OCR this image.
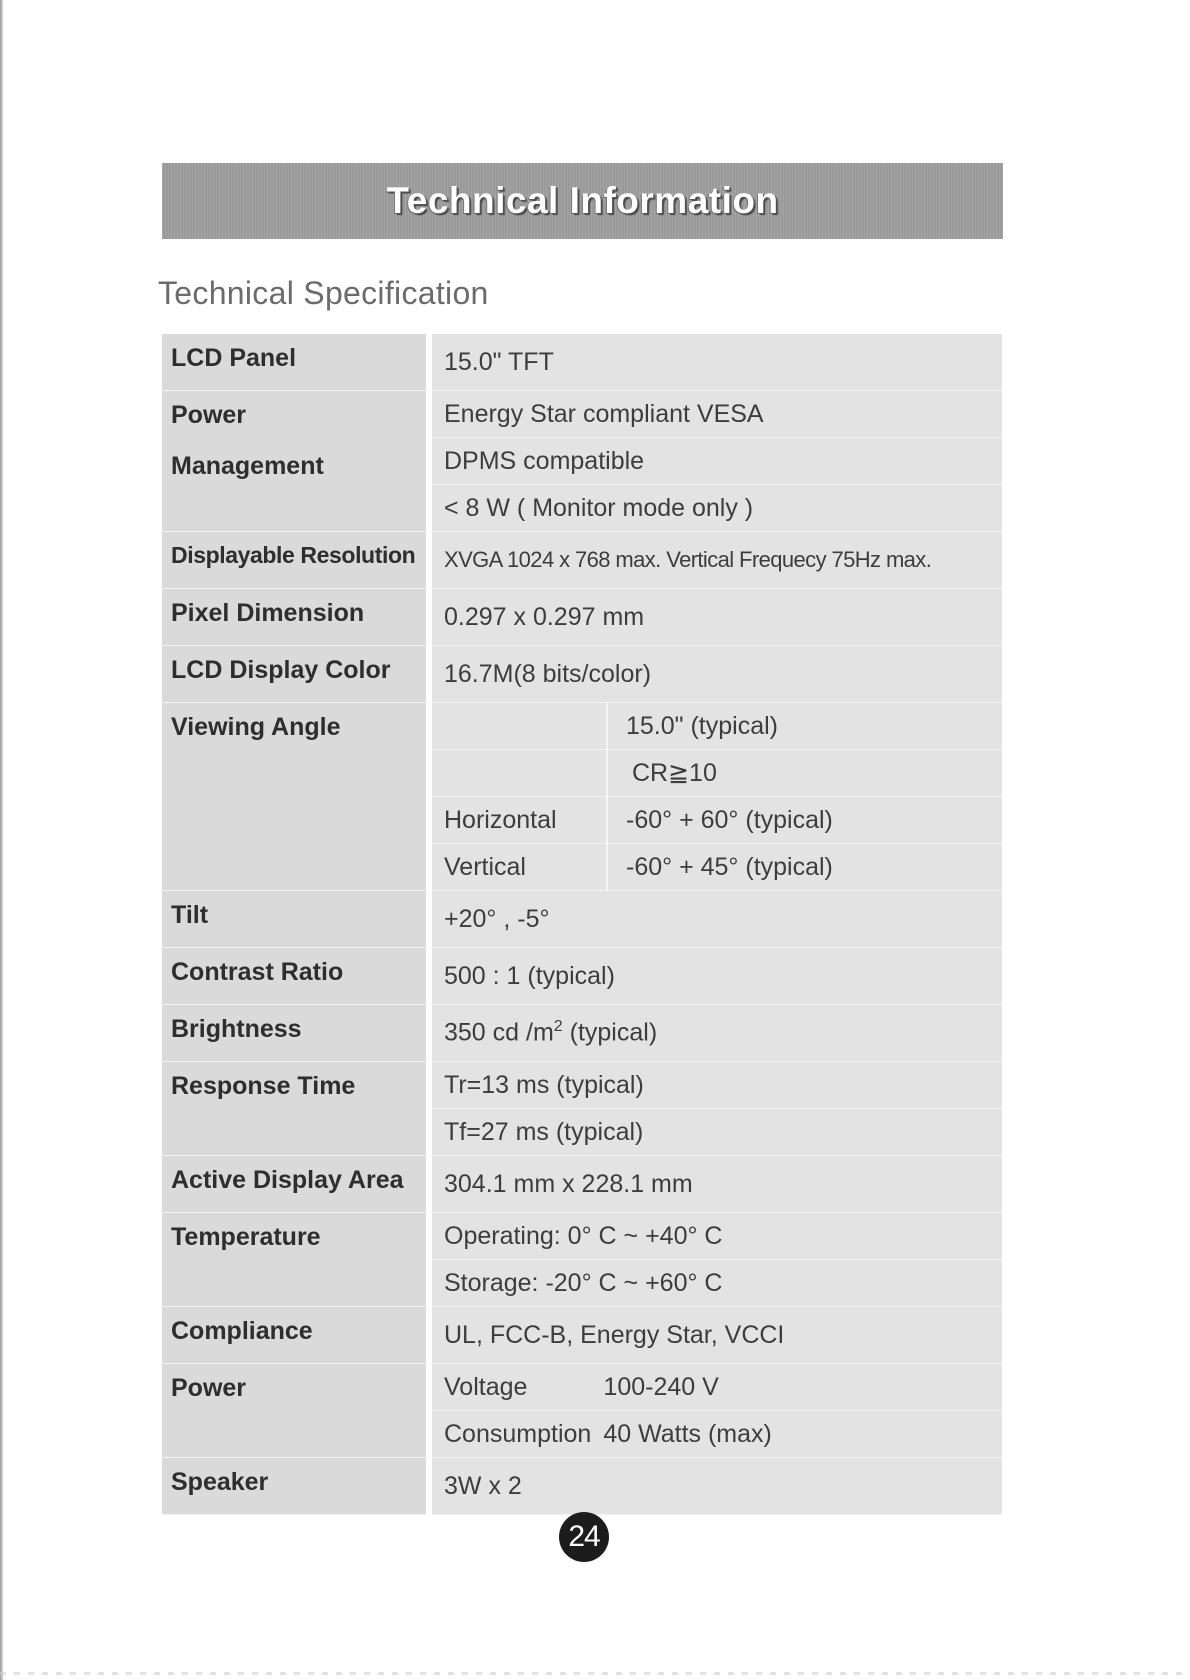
Technical Information
Technical Specification
LCD Panel	15.0" TFT	

Power
Management	Energy Star compliant VESA	
	DPMS compatible	
	< 8 W ( Monitor mode only )	
Displayable Resolution	XVGA 1024 x 768 max. Vertical Frequecy 75Hz max.	
Pixel Dimension	0.297 x 0.297 mm	
LCD Display Color	16.7M(8 bits/color)	
Viewing Angle		15.0" (typical)
		CR≧10
	Horizontal	-60° + 60° (typical)
	Vertical	-60° + 45° (typical)
Tilt	+20° , -5°	
Contrast Ratio	500 : 1 (typical)	
Brightness	350 cd $/m^2$ (typical)	
Response Time	Tr=13 ms (typical)	
	Tf=27 ms (typical)	
Active Display Area	304.1 mm x 228.1 mm	
Temperature	Operating: 0° C ~ +40° C	
	Storage: -20° C ~ +60° C	
Compliance	UL, FCC-B, Energy Star, VCCI	
Power	Voltage 100-240 V	
	Consumption 40 Watts (max)	
Speaker	3W x 2	
24
